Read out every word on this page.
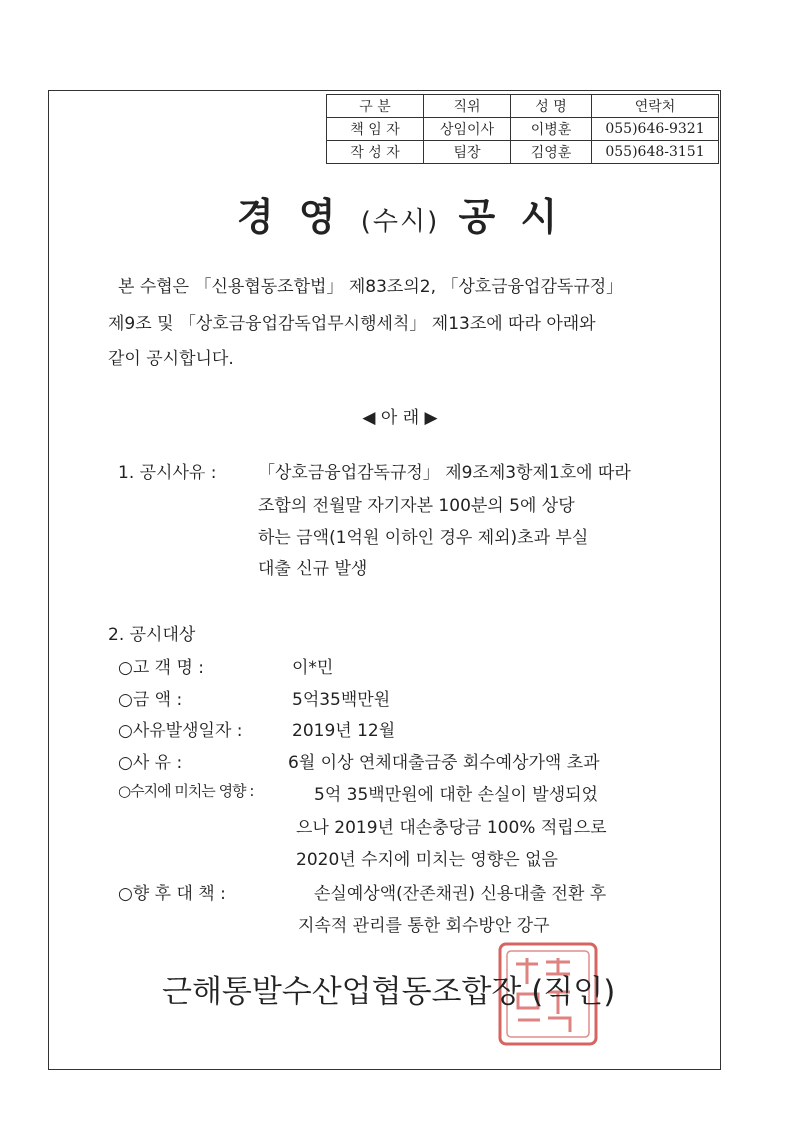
구 분	직위	성 명	연락처
책 임 자	상임이사	이병훈	055)646-9321
작 성 자	팀장	김영훈	055)648-3151
경 영 (수시) 공 시
본 수협은 「신용협동조합법」 제83조의2, 「상호금융업감독규정」
제9조 및 「상호금융업감독업무시행세칙」 제13조에 따라 아래와
같이 공시합니다.
◀ 아 래 ▶
1. 공시사유 : 「상호금융업감독규정」 제9조제3항제1호에 따라
조합의 전월말 자기자본 100분의 5에 상당
하는 금액(1억원 이하인 경우 제외)초과 부실
대출 신규 발생
2. 공시대상
○고 객 명 :	이*민
○금 액 :	5억35백만원
○사유발생일자 :	2019년 12월
○사 유 :	6월 이상 연체대출금중 회수예상가액 초과
○수지에 미치는 영향 :	5억 35백만원에 대한 손실이 발생되었
으나 2019년 대손충당금 100% 적립으로
2020년 수지에 미치는 영향은 없음
○향 후 대 책 :	손실예상액(잔존채권) 신용대출 전환 후
지속적 관리를 통한 회수방안 강구
근해통발수산업협동조합장 (직인)
